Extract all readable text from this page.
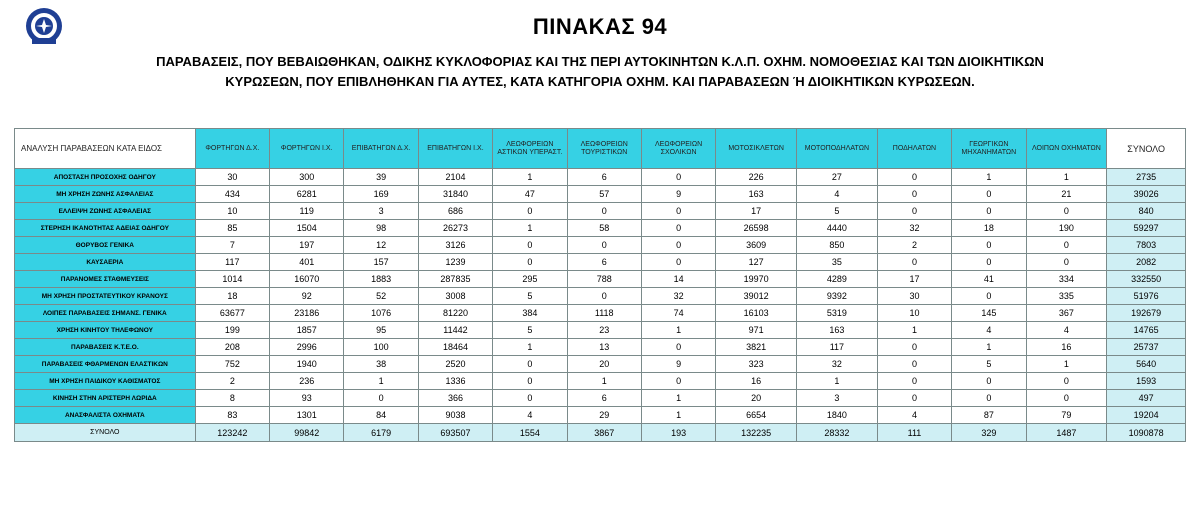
ΠΙΝΑΚΑΣ 94
ΠΑΡΑΒΑΣΕΙΣ, ΠΟΥ ΒΕΒΑΙΩΘΗΚΑΝ, ΟΔΙΚΗΣ ΚΥΚΛΟΦΟΡΙΑΣ ΚΑΙ ΤΗΣ ΠΕΡΙ ΑΥΤΟΚΙΝΗΤΩΝ Κ.Λ.Π. ΟΧΗΜ. ΝΟΜΟΘΕΣΙΑΣ ΚΑΙ ΤΩΝ ΔΙΟΙΚΗΤΙΚΩΝ
ΚΥΡΩΣΕΩΝ, ΠΟΥ ΕΠΙΒΛΗΘΗΚΑΝ ΓΙΑ ΑΥΤΕΣ, ΚΑΤΑ ΚΑΤΗΓΟΡΙΑ ΟΧΗΜ. ΚΑΙ ΠΑΡΑΒΑΣΕΩΝ Ή ΔΙΟΙΚΗΤΙΚΩΝ ΚΥΡΩΣΕΩΝ.
ΑΝΑΛΥΣΗ ΠΑΡΑΒΑΣΕΩΝ ΚΑΤΑ ΕΙΔΟΣ	ΦΟΡΤΗΓΩΝ Δ.Χ.	ΦΟΡΤΗΓΩΝ Ι.Χ.	ΕΠΙΒΑΤΗΓΩΝ Δ.Χ.	ΕΠΙΒΑΤΗΓΩΝ Ι.Χ.	ΛΕΩΦΟΡΕΙΩΝ ΑΣΤΙΚΩΝ ΥΠΕΡΑΣΤ.	ΛΕΩΦΟΡΕΙΩΝ ΤΟΥΡΙΣΤΙΚΩΝ	ΛΕΩΦΟΡΕΙΩΝ ΣΧΟΛΙΚΩΝ	ΜΟΤΟΣΙΚΛΕΤΩΝ	ΜΟΤΟΠΟΔΗΛΑΤΩΝ	ΠΟΔΗΛΑΤΩΝ	ΓΕΩΡΓΙΚΩΝ ΜΗΧΑΝΗΜΑΤΩΝ	ΛΟΙΠΩΝ ΟΧΗΜΑΤΩΝ	ΣΥΝΟΛΟ
ΑΠΟΣΤΑΣΗ ΠΡΟΣΟΧΗΣ ΟΔΗΓΟΥ	30	300	39	2104	1	6	0	226	27	0	1	1	2735
ΜΗ ΧΡΗΣΗ ΖΩΝΗΣ ΑΣΦΑΛΕΙΑΣ	434	6281	169	31840	47	57	9	163	4	0	0	21	39026
ΕΛΛΕΙΨΗ ΖΩΝΗΣ ΑΣΦΑΛΕΙΑΣ	10	119	3	686	0	0	0	17	5	0	0	0	840
ΣΤΕΡΗΣΗ ΙΚΑΝΟΤΗΤΑΣ ΑΔΕΙΑΣ ΟΔΗΓΟΥ	85	1504	98	26273	1	58	0	26598	4440	32	18	190	59297
ΘΟΡΥΒΟΣ ΓΕΝΙΚΑ	7	197	12	3126	0	0	0	3609	850	2	0	0	7803
ΚΑΥΣΑΕΡΙΑ	117	401	157	1239	0	6	0	127	35	0	0	0	2082
ΠΑΡΑΝΟΜΕΣ ΣΤΑΘΜΕΥΣΕΙΣ	1014	16070	1883	287835	295	788	14	19970	4289	17	41	334	332550
ΜΗ ΧΡΗΣΗ ΠΡΟΣΤΑΤΕΥΤΙΚΟΥ ΚΡΑΝΟΥΣ	18	92	52	3008	5	0	32	39012	9392	30	0	335	51976
ΛΟΙΠΕΣ ΠΑΡΑΒΑΣΕΙΣ ΣΗΜΑΝΣ. ΓΕΝΙΚΑ	63677	23186	1076	81220	384	1118	74	16103	5319	10	145	367	192679
ΧΡΗΣΗ ΚΙΝΗΤΟΥ ΤΗΛΕΦΩΝΟΥ	199	1857	95	11442	5	23	1	971	163	1	4	4	14765
ΠΑΡΑΒΑΣΕΙΣ Κ.Τ.Ε.Ο.	208	2996	100	18464	1	13	0	3821	117	0	1	16	25737
ΠΑΡΑΒΑΣΕΙΣ ΦΘΑΡΜΕΝΩΝ ΕΛΑΣΤΙΚΩΝ	752	1940	38	2520	0	20	9	323	32	0	5	1	5640
ΜΗ ΧΡΗΣΗ ΠΑΙΔΙΚΟΥ ΚΑΘΙΣΜΑΤΟΣ	2	236	1	1336	0	1	0	16	1	0	0	0	1593
ΚΙΝΗΣΗ ΣΤΗΝ ΑΡΙΣΤΕΡΗ ΛΩΡΙΔΑ	8	93	0	366	0	6	1	20	3	0	0	0	497
ΑΝΑΣΦΑΛΙΣΤΑ ΟΧΗΜΑΤΑ	83	1301	84	9038	4	29	1	6654	1840	4	87	79	19204
ΣΥΝΟΛΟ	123242	99842	6179	693507	1554	3867	193	132235	28332	111	329	1487	1090878
